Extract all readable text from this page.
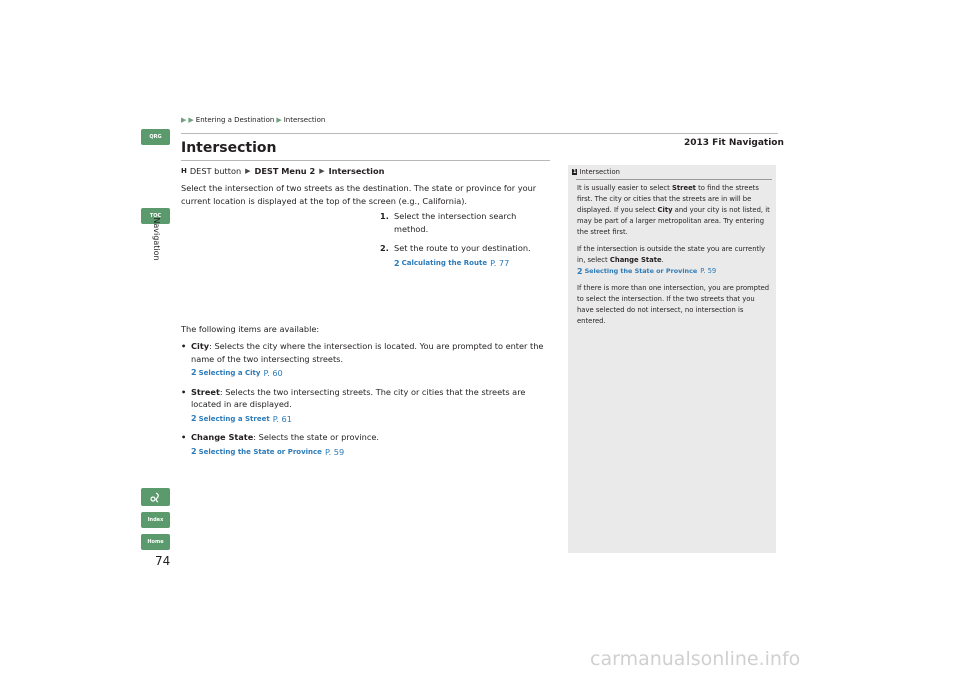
QRG
TOC
Navigation
Index
Home
74
▶ ▶ Entering a Destination ▶ Intersection
2013 Fit Navigation
Intersection
H DEST button ▶ DEST Menu 2 ▶ Intersection
Select the intersection of two streets as the destination. The state or province for your current location is displayed at the top of the screen (e.g., California).
1. Select the intersection search method.
2. Set the route to your destination.
2 Calculating the Route P. 77
The following items are available:
• City: Selects the city where the intersection is located. You are prompted to enter the name of the two intersecting streets.
2 Selecting a City P. 60
• Street: Selects the two intersecting streets. The city or cities that the streets are located in are displayed.
2 Selecting a Street P. 61
• Change State: Selects the state or province.
2 Selecting the State or Province P. 59
1 Intersection

It is usually easier to select Street to find the streets first. The city or cities that the streets are in will be displayed. If you select City and your city is not listed, it may be part of a larger metropolitan area. Try entering the street first.

If the intersection is outside the state you are currently in, select Change State.

2 Selecting the State or Province P. 59

If there is more than one intersection, you are prompted to select the intersection. If the two streets that you have selected do not intersect, no intersection is entered.

carmanualsonline.info
